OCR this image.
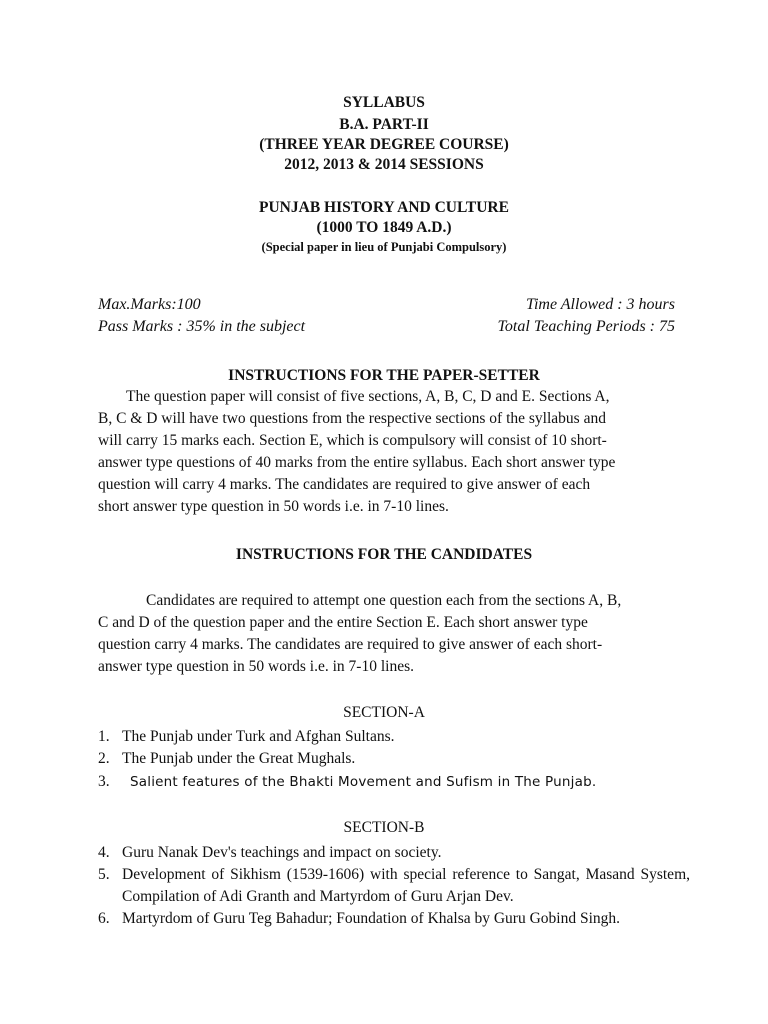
SYLLABUS
B.A. PART-II
(THREE YEAR DEGREE COURSE)
2012, 2013 & 2014 SESSIONS
PUNJAB HISTORY AND CULTURE
(1000 TO 1849 A.D.)
(Special paper in lieu of Punjabi Compulsory)
Max.Marks:100	Time Allowed : 3 hours
Pass Marks : 35% in the subject	Total Teaching Periods : 75
INSTRUCTIONS FOR THE PAPER-SETTER
The question paper will consist of five sections, A, B, C, D and E. Sections A,
B, C & D will have two questions from the respective sections of the syllabus and
will carry 15 marks each. Section E, which is compulsory will consist of 10 short-
answer type questions of 40 marks from the entire syllabus. Each short answer type
question will carry 4 marks. The candidates are required to give answer of each
short answer type question in 50 words i.e. in 7-10 lines.
INSTRUCTIONS FOR THE CANDIDATES
Candidates are required to attempt one question each from the sections A, B,
C and D of the question paper and the entire Section E. Each short answer type
question carry 4 marks. The candidates are required to give answer of each short-
answer type question in 50 words i.e. in 7-10 lines.
SECTION-A
1. The Punjab under Turk and Afghan Sultans.
2. The Punjab under the Great Mughals.
3.	Salient features of the Bhakti Movement and Sufism in The Punjab.
SECTION-B
4. Guru Nanak Dev's teachings and impact on society.
5. Development of Sikhism (1539-1606) with special reference to Sangat, Masand System, Compilation of Adi Granth and Martyrdom of Guru Arjan Dev.
6. Martyrdom of Guru Teg Bahadur; Foundation of Khalsa by Guru Gobind Singh.
